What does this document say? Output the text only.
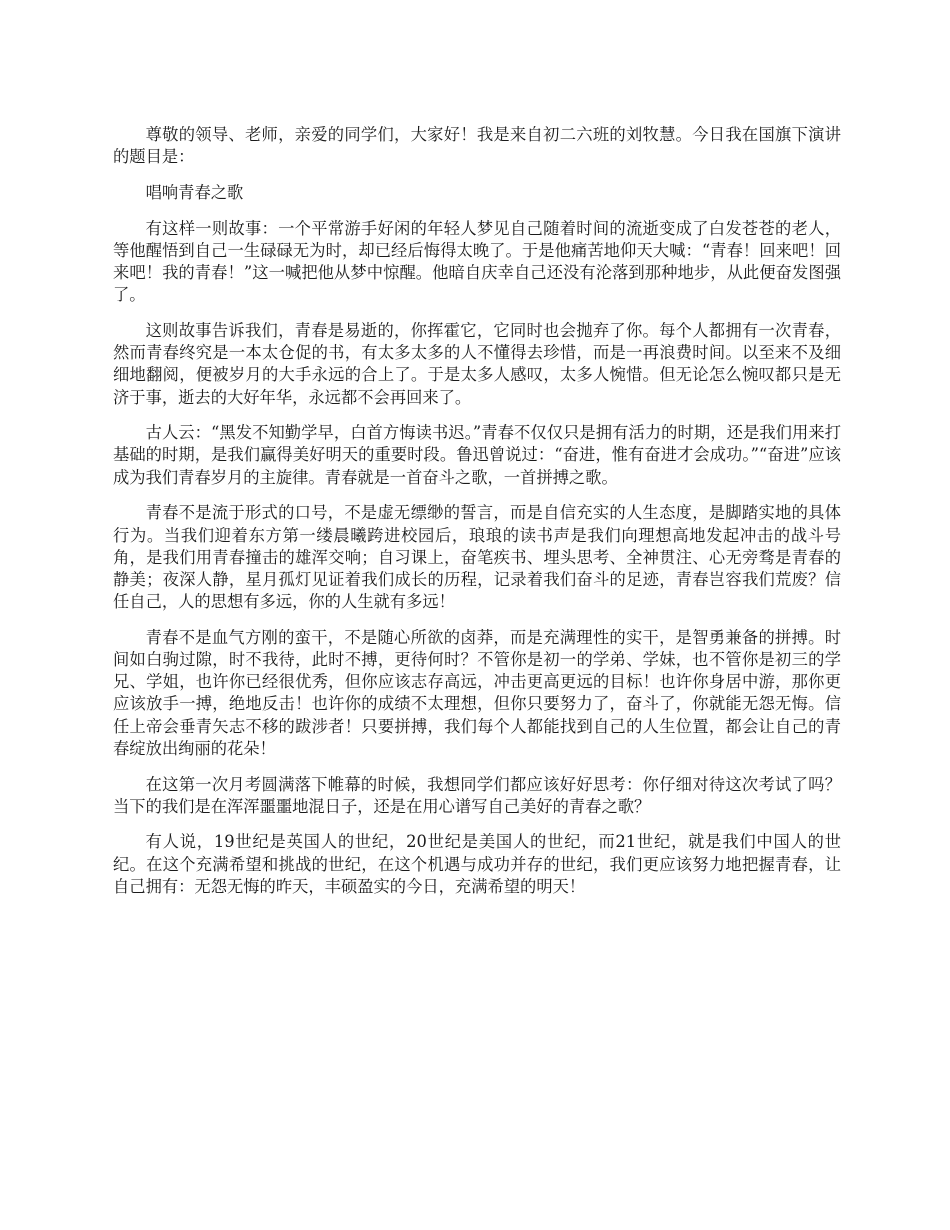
尊敬的领导、老师，亲爱的同学们，大家好！我是来自初二六班的刘牧慧。今日我在国旗下演讲的题目是：

唱响青春之歌

有这样一则故事：一个平常游手好闲的年轻人梦见自己随着时间的流逝变成了白发苍苍的老人，等他醒悟到自己一生碌碌无为时，却已经后悔得太晚了。于是他痛苦地仰天大喊：“青春！回来吧！回来吧！我的青春！”这一喊把他从梦中惊醒。他暗自庆幸自己还没有沦落到那种地步，从此便奋发图强了。

这则故事告诉我们，青春是易逝的，你挥霍它，它同时也会抛弃了你。每个人都拥有一次青春，然而青春终究是一本太仓促的书，有太多太多的人不懂得去珍惜，而是一再浪费时间。以至来不及细细地翻阅，便被岁月的大手永远的合上了。于是太多人感叹，太多人惋惜。但无论怎么惋叹都只是无济于事，逝去的大好年华，永远都不会再回来了。

古人云：“黑发不知勤学早，白首方悔读书迟。”青春不仅仅只是拥有活力的时期，还是我们用来打基础的时期，是我们赢得美好明天的重要时段。鲁迅曾说过：“奋进，惟有奋进才会成功。”“奋进”应该成为我们青春岁月的主旋律。青春就是一首奋斗之歌，一首拼搏之歌。

青春不是流于形式的口号，不是虚无缥缈的誓言，而是自信充实的人生态度，是脚踏实地的具体行为。当我们迎着东方第一缕晨曦跨进校园后，琅琅的读书声是我们向理想高地发起冲击的战斗号角，是我们用青春撞击的雄浑交响；自习课上，奋笔疾书、埋头思考、全神贯注、心无旁骛是青春的静美；夜深人静，星月孤灯见证着我们成长的历程，记录着我们奋斗的足迹，青春岂容我们荒废？信任自己，人的思想有多远，你的人生就有多远！

青春不是血气方刚的蛮干，不是随心所欲的卤莽，而是充满理性的实干，是智勇兼备的拼搏。时间如白驹过隙，时不我待，此时不搏，更待何时？不管你是初一的学弟、学妹，也不管你是初三的学兄、学姐，也许你已经很优秀，但你应该志存高远，冲击更高更远的目标！也许你身居中游，那你更应该放手一搏，绝地反击！也许你的成绩不太理想，但你只要努力了，奋斗了，你就能无怨无悔。信任上帝会垂青矢志不移的跋涉者！只要拼搏，我们每个人都能找到自己的人生位置，都会让自己的青春绽放出绚丽的花朵！

在这第一次月考圆满落下帷幕的时候，我想同学们都应该好好思考：你仔细对待这次考试了吗？当下的我们是在浑浑噩噩地混日子，还是在用心谱写自己美好的青春之歌？

有人说，19世纪是英国人的世纪，20世纪是美国人的世纪，而21世纪，就是我们中国人的世纪。在这个充满希望和挑战的世纪，在这个机遇与成功并存的世纪，我们更应该努力地把握青春，让自己拥有：无怨无悔的昨天，丰硕盈实的今日，充满希望的明天！
